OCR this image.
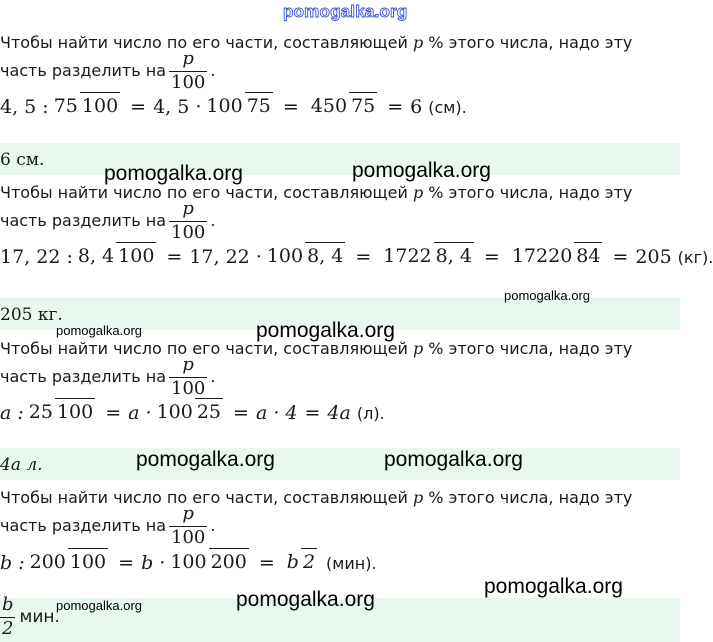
pomogalka.org
Чтобы найти число по его части, составляющей p % этого числа, надо эту
часть разделить на $\frac{p}{100}$ .
4, 5 : 75 100 = 4, 5 · 100 75 = 450 75 = 6 (см).
6 см.
Чтобы найти число по его части, составляющей p % этого числа, надо эту
часть разделить на $\frac{p}{100}$ .
17, 22 : 8, 4 100 = 17, 22 · 100 8, 4 = 1722 8, 4 = 17220 84 = 205 (кг).
205 кг.
Чтобы найти число по его части, составляющей p % этого числа, надо эту
часть разделить на $\frac{p}{100}$ .
a : 25 100 = a · 100 25 = a · 4 = 4a (л).
4a л.
Чтобы найти число по его части, составляющей p % этого числа, надо эту
часть разделить на $\frac{p}{100}$ .
b : 200 100 = b · 100 200 = b 2 (мин).
$\frac{b}{2}$ мин.
pomogalka.org	pomogalka.org
pomogalka.org
pomogalka.org	pomogalka.org
pomogalka.org	pomogalka.org
pomogalka.org
pomogalka.org	pomogalka.org
